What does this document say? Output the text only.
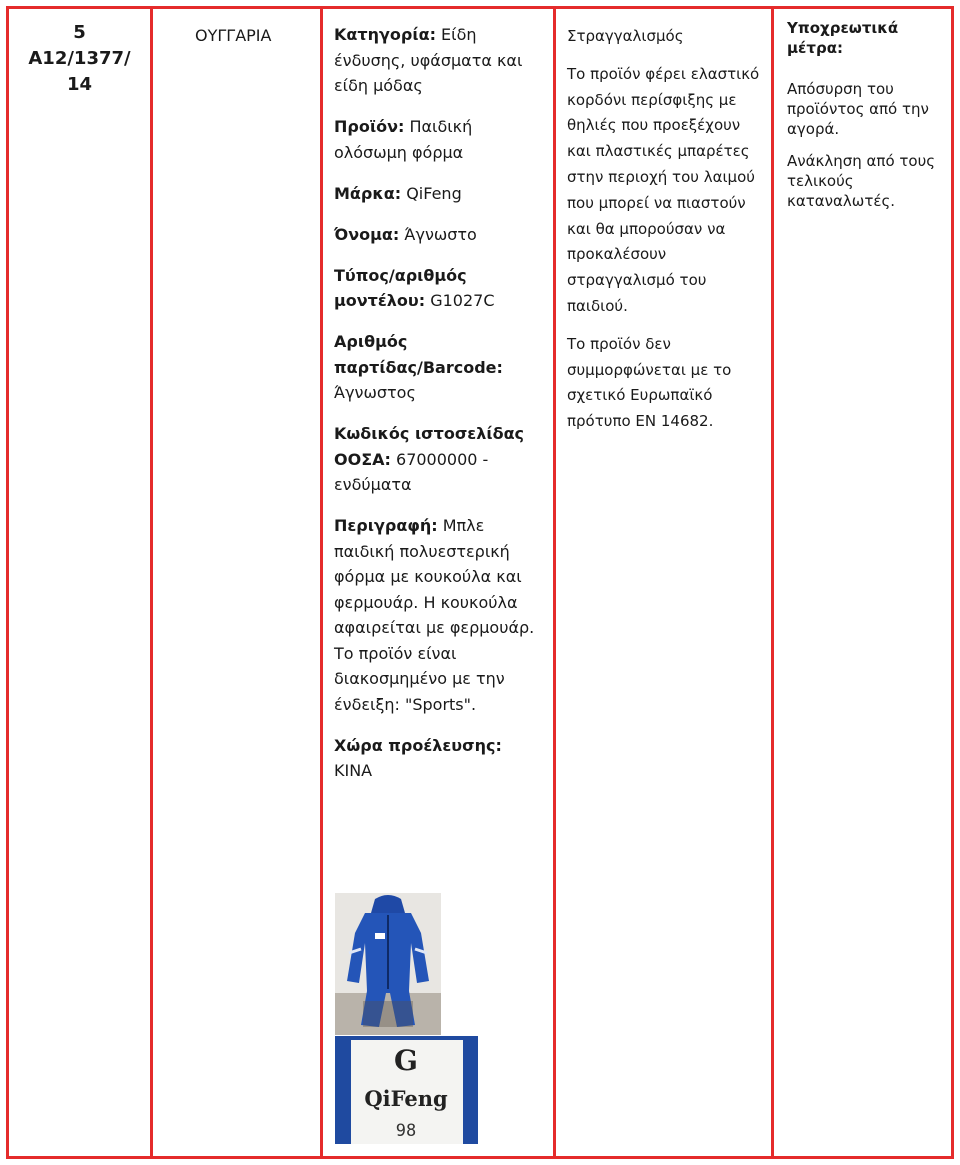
5
A12/1377/
14
ΟΥΓΓΑΡΙΑ	Κατηγορία: Είδη ένδυσης, υφάσματα και είδη μόδας

Προϊόν: Παιδική ολόσωμη φόρμα

Μάρκα: QiFeng

Όνομα: Άγνωστο

Τύπος/αριθμός μοντέλου: G1027C

Αριθμός παρτίδας/Barcode: Άγνωστος

Κωδικός ιστοσελίδας ΟΟΣΑ: 67000000 - ενδύματα

Περιγραφή: Μπλε παιδική πολυεστερική φόρμα με κουκούλα και φερμουάρ. Η κουκούλα αφαιρείται με φερμουάρ. Το προϊόν είναι διακοσμημένο με την ένδειξη: "Sports".

Χώρα προέλευσης: ΚΙΝΑ

G
QiFeng
98

Στραγγαλισμός

Το προϊόν φέρει ελαστικό κορδόνι περίσφιξης με θηλιές που προεξέχουν και πλαστικές μπαρέτες στην περιοχή του λαιμού που μπορεί να πιαστούν και θα μπορούσαν να προκαλέσουν στραγγαλισμό του παιδιού.

Το προϊόν δεν συμμορφώνεται με το σχετικό Ευρωπαϊκό πρότυπο EN 14682.

Υποχρεωτικά μέτρα:

Απόσυρση του προϊόντος από την αγορά.

Ανάκληση από τους τελικούς καταναλωτές.
